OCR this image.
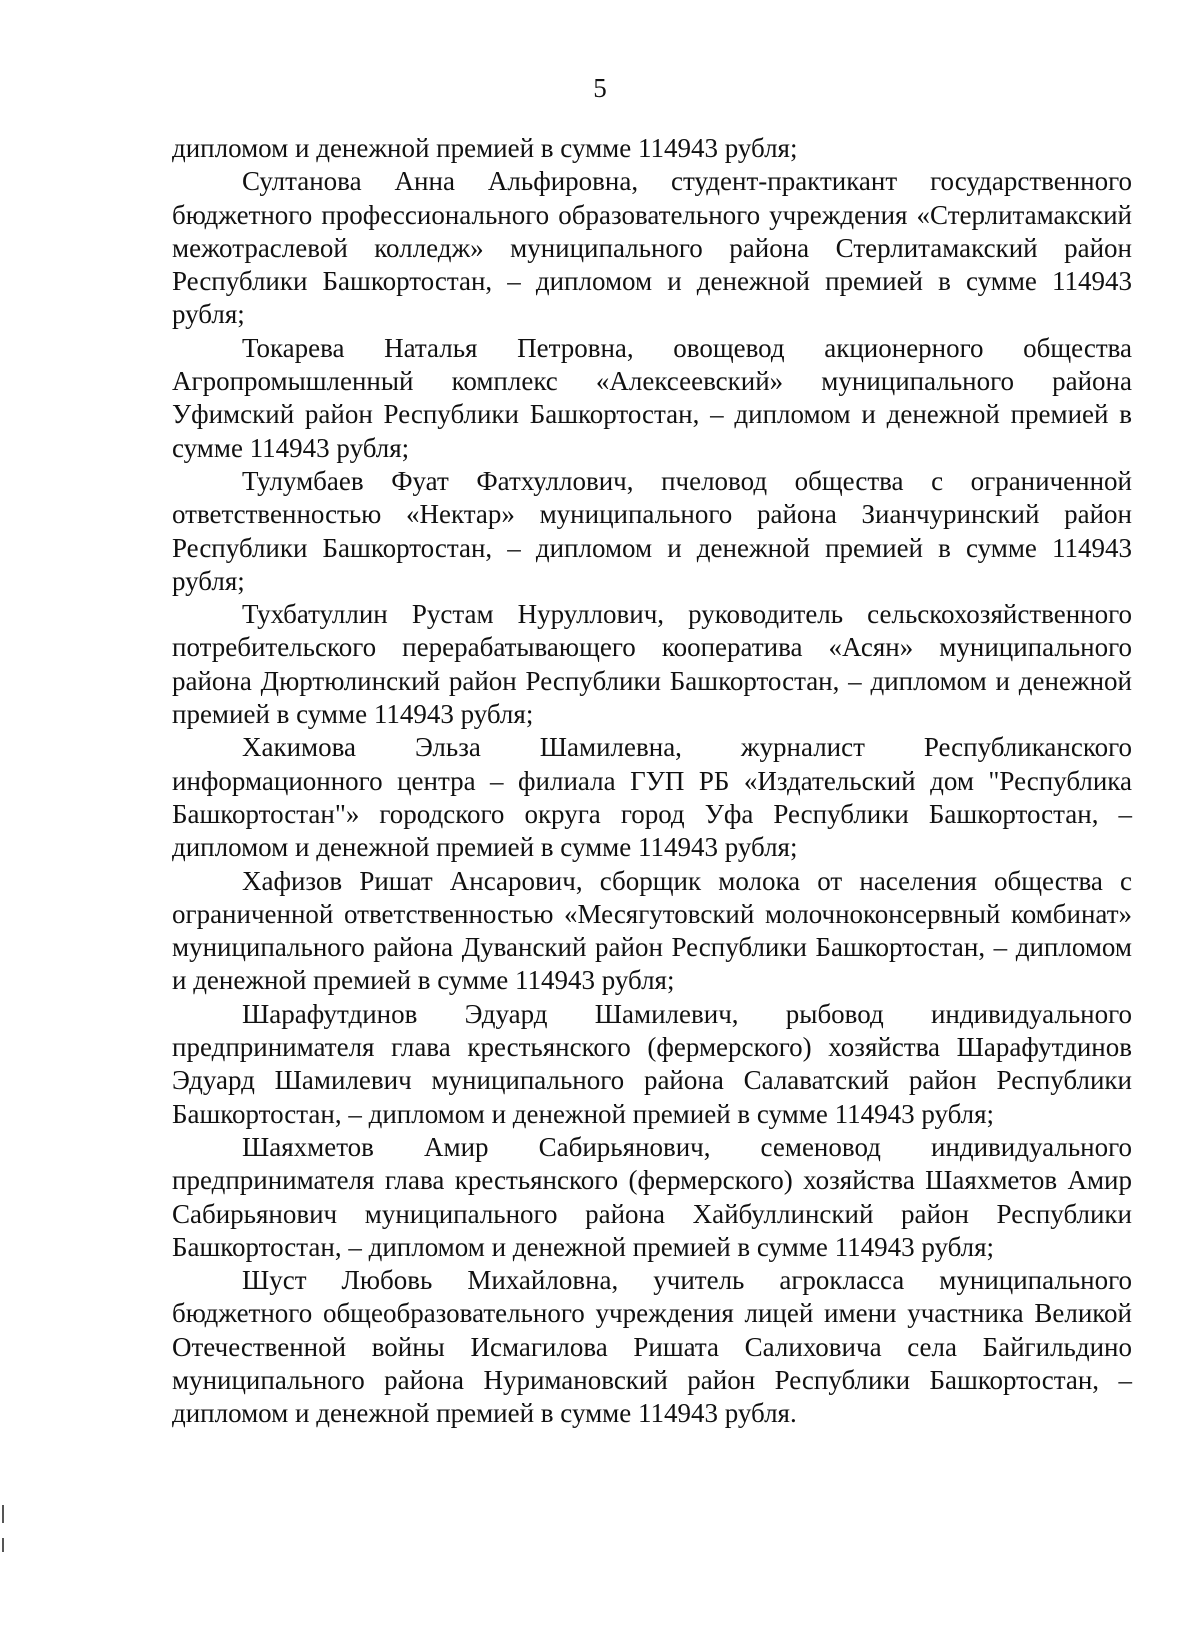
5

дипломом и денежной премией в сумме 114943 рубля;

Султанова Анна Альфировна, студент-практикант государственного бюджетного профессионального образовательного учреждения «Стерлитамакский межотраслевой колледж» муниципального района Стерлитамакский район Республики Башкортостан, – дипломом и денежной премией в сумме 114943 рубля;

Токарева Наталья Петровна, овощевод акционерного общества Агропромышленный комплекс «Алексеевский» муниципального района Уфимский район Республики Башкортостан, – дипломом и денежной премией в сумме 114943 рубля;

Тулумбаев Фуат Фатхуллович, пчеловод общества с ограниченной ответственностью «Нектар» муниципального района Зианчуринский район Республики Башкортостан, – дипломом и денежной премией в сумме 114943 рубля;

Тухбатуллин Рустам Нуруллович, руководитель сельскохозяйственного потребительского перерабатывающего кооператива «Асян» муниципального района Дюртюлинский район Республики Башкортостан, – дипломом и денежной премией в сумме 114943 рубля;

Хакимова Эльза Шамилевна, журналист Республиканского информационного центра – филиала ГУП РБ «Издательский дом "Республика Башкортостан"» городского округа город Уфа Республики Башкортостан, – дипломом и денежной премией в сумме 114943 рубля;

Хафизов Ришат Ансарович, сборщик молока от населения общества с ограниченной ответственностью «Месягутовский молочноконсервный комбинат» муниципального района Дуванский район Республики Башкортостан, – дипломом и денежной премией в сумме 114943 рубля;

Шарафутдинов Эдуард Шамилевич, рыбовод индивидуального предпринимателя глава крестьянского (фермерского) хозяйства Шарафутдинов Эдуард Шамилевич муниципального района Салаватский район Республики Башкортостан, – дипломом и денежной премией в сумме 114943 рубля;

Шаяхметов Амир Сабирьянович, семеновод индивидуального предпринимателя глава крестьянского (фермерского) хозяйства Шаяхметов Амир Сабирьянович муниципального района Хайбуллинский район Республики Башкортостан, – дипломом и денежной премией в сумме 114943 рубля;

Шуст Любовь Михайловна, учитель агрокласса муниципального бюджетного общеобразовательного учреждения лицей имени участника Великой Отечественной войны Исмагилова Ришата Салиховича села Байгильдино муниципального района Нуримановский район Республики Башкортостан, – дипломом и денежной премией в сумме 114943 рубля.
